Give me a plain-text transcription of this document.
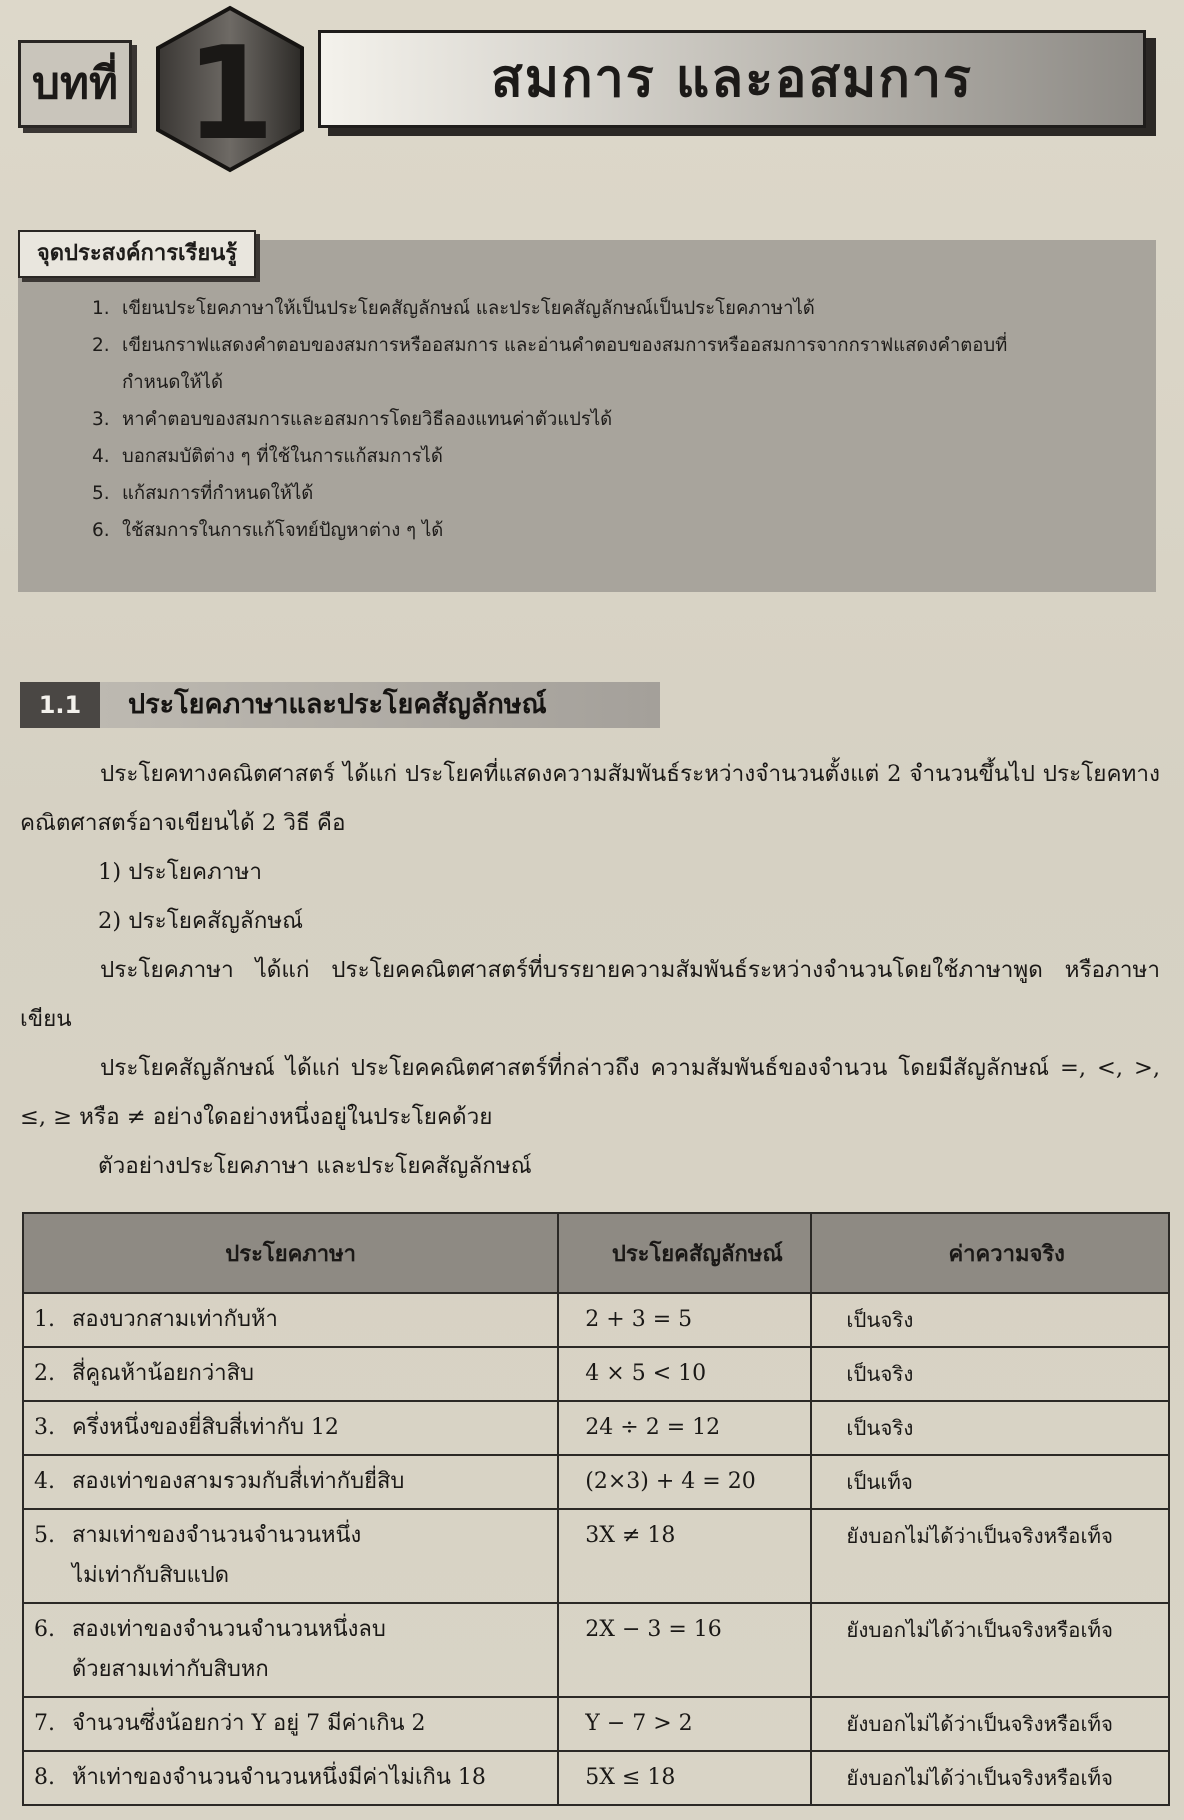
บทที่ 1	สมการ และอสมการ
จุดประสงค์การเรียนรู้
1. เขียนประโยคภาษาให้เป็นประโยคสัญลักษณ์ และประโยคสัญลักษณ์เป็นประโยคภาษาได้
2. เขียนกราฟแสดงคำตอบของสมการหรืออสมการ และอ่านคำตอบของสมการหรืออสมการจากกราฟแสดงคำตอบที่
กำหนดให้ได้
3. หาคำตอบของสมการและอสมการโดยวิธีลองแทนค่าตัวแปรได้
4. บอกสมบัติต่าง ๆ ที่ใช้ในการแก้สมการได้
5. แก้สมการที่กำหนดให้ได้
6. ใช้สมการในการแก้โจทย์ปัญหาต่าง ๆ ได้
1.1	ประโยคภาษาและประโยคสัญลักษณ์

ประโยคทางคณิตศาสตร์ ได้แก่ ประโยคที่แสดงความสัมพันธ์ระหว่างจำนวนตั้งแต่ 2 จำนวนขึ้นไป ประโยคทางคณิตศาสตร์อาจเขียนได้ 2 วิธี คือ

1) ประโยคภาษา

2) ประโยคสัญลักษณ์

ประโยคภาษา ได้แก่ ประโยคคณิตศาสตร์ที่บรรยายความสัมพันธ์ระหว่างจำนวนโดยใช้ภาษาพูด หรือภาษาเขียน

ประโยคสัญลักษณ์ ได้แก่ ประโยคคณิตศาสตร์ที่กล่าวถึง ความสัมพันธ์ของจำนวน โดยมีสัญลักษณ์ =, <, >, ≤, ≥ หรือ ≠ อย่างใดอย่างหนึ่งอยู่ในประโยคด้วย

ตัวอย่างประโยคภาษา และประโยคสัญลักษณ์

ประโยคภาษา	ประโยคสัญลักษณ์	ค่าความจริง
1. สองบวกสามเท่ากับห้า	2 + 3 = 5	เป็นจริง
2. สี่คูณห้าน้อยกว่าสิบ	4 × 5 < 10	เป็นจริง
3. ครึ่งหนึ่งของยี่สิบสี่เท่ากับ 12	24 ÷ 2 = 12	เป็นจริง
4. สองเท่าของสามรวมกับสี่เท่ากับยี่สิบ	(2×3) + 4 = 20	เป็นเท็จ
5. สามเท่าของจำนวนจำนวนหนึ่ง
ไม่เท่ากับสิบแปด	3X ≠ 18	ยังบอกไม่ได้ว่าเป็นจริงหรือเท็จ
6. สองเท่าของจำนวนจำนวนหนึ่งลบ
ด้วยสามเท่ากับสิบหก	2X − 3 = 16	ยังบอกไม่ได้ว่าเป็นจริงหรือเท็จ
7. จำนวนซึ่งน้อยกว่า Y อยู่ 7 มีค่าเกิน 2	Y − 7 > 2	ยังบอกไม่ได้ว่าเป็นจริงหรือเท็จ
8. ห้าเท่าของจำนวนจำนวนหนึ่งมีค่าไม่เกิน 18	5X ≤ 18	ยังบอกไม่ได้ว่าเป็นจริงหรือเท็จ
